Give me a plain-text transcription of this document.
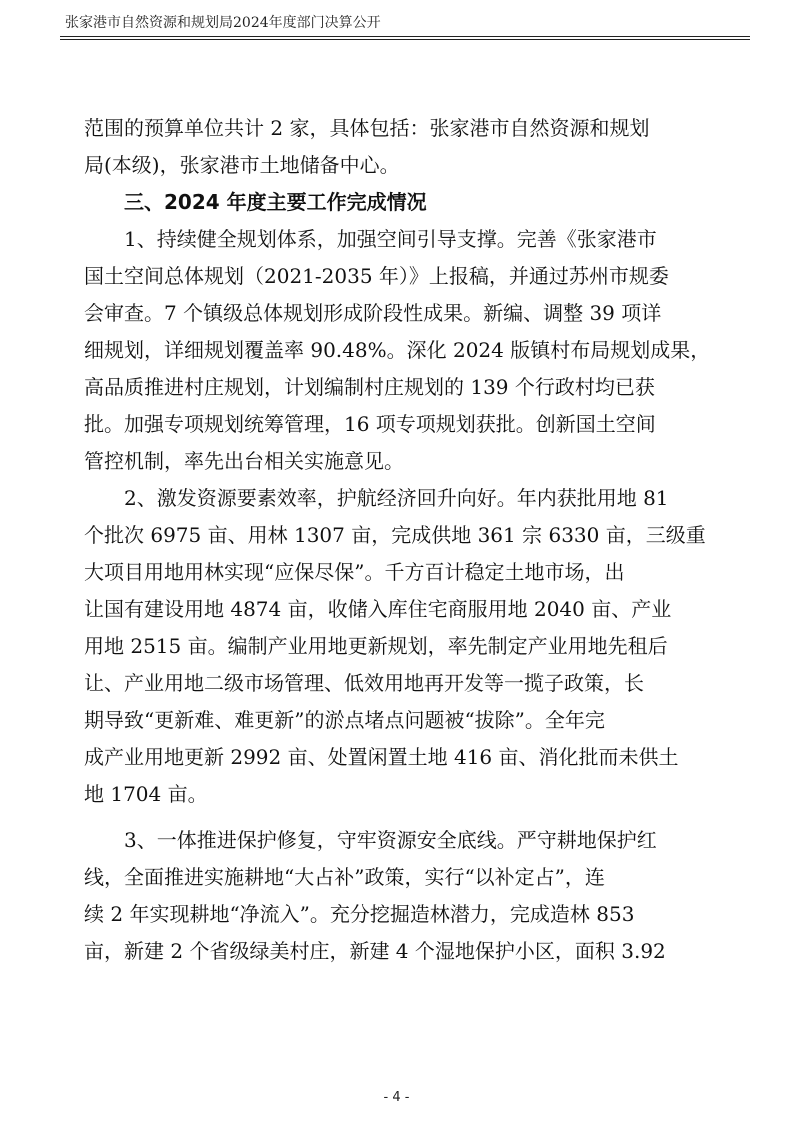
张家港市自然资源和规划局2024年度部门决算公开
范围的预算单位共计 2 家，具体包括：张家港市自然资源和规划
局(本级)，张家港市土地储备中心。
三、2024 年度主要工作完成情况
1、持续健全规划体系，加强空间引导支撑。完善《张家港市
国土空间总体规划（2021-2035 年）》上报稿，并通过苏州市规委
会审查。7 个镇级总体规划形成阶段性成果。新编、调整 39 项详
细规划，详细规划覆盖率 90.48%。深化 2024 版镇村布局规划成果，
高品质推进村庄规划，计划编制村庄规划的 139 个行政村均已获
批。加强专项规划统筹管理，16 项专项规划获批。创新国土空间
管控机制，率先出台相关实施意见。
2、激发资源要素效率，护航经济回升向好。年内获批用地 81
个批次 6975 亩、用林 1307 亩，完成供地 361 宗 6330 亩，三级重
大项目用地用林实现“应保尽保”。千方百计稳定土地市场，出
让国有建设用地 4874 亩，收储入库住宅商服用地 2040 亩、产业
用地 2515 亩。编制产业用地更新规划，率先制定产业用地先租后
让、产业用地二级市场管理、低效用地再开发等一揽子政策，长
期导致“更新难、难更新”的淤点堵点问题被“拔除”。全年完
成产业用地更新 2992 亩、处置闲置土地 416 亩、消化批而未供土
地 1704 亩。
3、一体推进保护修复，守牢资源安全底线。严守耕地保护红
线，全面推进实施耕地“大占补”政策，实行“以补定占”，连
续 2 年实现耕地“净流入”。充分挖掘造林潜力，完成造林 853
亩，新建 2 个省级绿美村庄，新建 4 个湿地保护小区，面积 3.92
- 4 -
